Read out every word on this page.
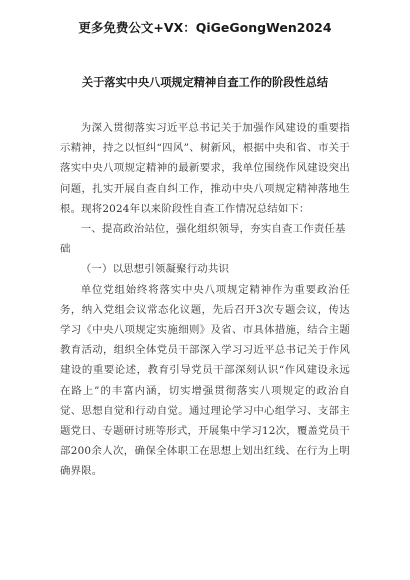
更多免费公文+VX：QiGeGongWen2024

关于落实中央八项规定精神自查工作的阶段性总结

为深入贯彻落实习近平总书记关于加强作风建设的重要指示精神，持之以恒纠“四风”、树新风，根据中央和省、市关于落实中央八项规定精神的最新要求，我单位围绕作风建设突出问题，扎实开展自查自纠工作，推动中央八项规定精神落地生根。现将2024年以来阶段性自查工作情况总结如下：

一、提高政治站位，强化组织领导，夯实自查工作责任基础

（一）以思想引领凝聚行动共识

单位党组始终将落实中央八项规定精神作为重要政治任务，纳入党组会议常态化议题，先后召开3次专题会议，传达学习《中央八项规定实施细则》及省、市具体措施，结合主题教育活动，组织全体党员干部深入学习习近平总书记关于作风建设的重要论述，教育引导党员干部深刻认识“作风建设永远在路上”的丰富内涵，切实增强贯彻落实八项规定的政治自觉、思想自觉和行动自觉。通过理论学习中心组学习、支部主题党日、专题研讨班等形式，开展集中学习12次，覆盖党员干部200余人次，确保全体职工在思想上划出红线、在行为上明确界限。
